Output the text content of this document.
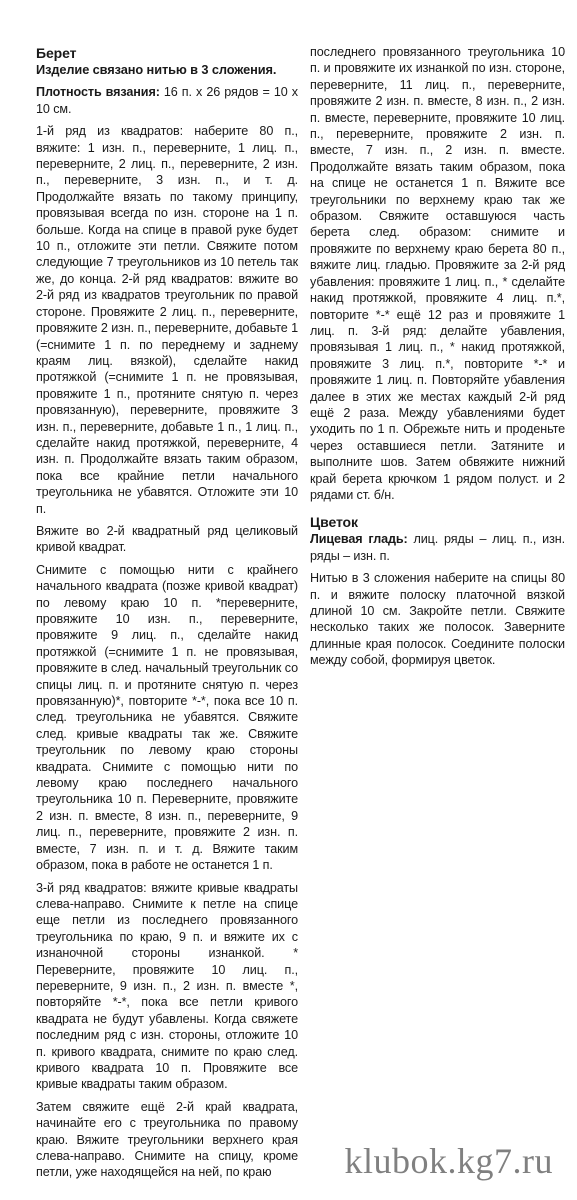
Берет
Изделие связано нитью в 3 сложения.

Плотность вязания: 16 п. х 26 рядов = 10 х 10 см.

1-й ряд из квадратов: наберите 80 п., вяжите: 1 изн. п., переверните, 1 лиц. п., переверните, 2 лиц. п., переверните, 2 изн. п., переверните, 3 изн. п., и т. д. Продолжайте вязать по такому принципу, провязывая всегда по изн. стороне на 1 п. больше. Когда на спице в правой руке будет 10 п., отложите эти петли. Свяжите потом следующие 7 треугольников из 10 петель так же, до конца. 2-й ряд квадратов: вяжите во 2-й ряд из квадратов треугольник по правой стороне. Провяжите 2 лиц. п., переверните, провяжите 2 изн. п., переверните, добавьте 1 (=снимите 1 п. по переднему и заднему краям лиц. вязкой), сделайте накид протяжкой (=снимите 1 п. не провязывая, провяжите 1 п., протяните снятую п. через провязанную), переверните, провяжите 3 изн. п., переверните, добавьте 1 п., 1 лиц. п., сделайте накид протяжкой, переверните, 4 изн. п. Продолжайте вязать таким образом, пока все крайние петли начального треугольника не убавятся. Отложите эти 10 п.

Вяжите во 2-й квадратный ряд целиковый кривой квадрат.

Снимите с помощью нити с крайнего начального квадрата (позже кривой квадрат) по левому краю 10 п. *переверните, провяжите 10 изн. п., переверните, провяжите 9 лиц. п., сделайте накид протяжкой (=снимите 1 п. не провязывая, провяжите в след. начальный треугольник со спицы лиц. п. и протяните снятую п. через провязанную)*, повторите *-*, пока все 10 п. след. треугольника не убавятся. Свяжите след. кривые квадраты так же. Свяжите треугольник по левому краю стороны квадрата. Снимите с помощью нити по левому краю последнего начального треугольника 10 п. Переверните, провяжите 2 изн. п. вместе, 8 изн. п., переверните, 9 лиц. п., переверните, провяжите 2 изн. п. вместе, 7 изн. п. и т. д. Вяжите таким образом, пока в работе не останется 1 п.

3-й ряд квадратов: вяжите кривые квадраты слева-направо. Снимите к петле на спице еще петли из последнего провязанного треугольника по краю, 9 п. и вяжите их с изнаночной стороны изнанкой. * Переверните, провяжите 10 лиц. п., переверните, 9 изн. п., 2 изн. п. вместе *, повторяйте *-*, пока все петли кривого квадрата не будут убавлены. Когда свяжете последним ряд с изн. стороны, отложите 10 п. кривого квадрата, снимите по краю след. кривого квадрата 10 п. Провяжите все кривые квадраты таким образом.

Затем свяжите ещё 2-й край квадрата, начинайте его с треугольника по правому краю. Вяжите треугольники верхнего края слева-направо. Снимите на спицу, кроме петли, уже находящейся на ней, по краю

последнего провязанного треугольника 10 п. и провяжите их изнанкой по изн. стороне, переверните, 11 лиц. п., переверните, провяжите 2 изн. п. вместе, 8 изн. п., 2 изн. п. вместе, переверните, провяжите 10 лиц. п., переверните, провяжите 2 изн. п. вместе, 7 изн. п., 2 изн. п. вместе. Продолжайте вязать таким образом, пока на спице не останется 1 п. Вяжите все треугольники по верхнему краю так же образом. Свяжите оставшуюся часть берета след. образом: снимите и провяжите по верхнему краю берета 80 п., вяжите лиц. гладью. Провяжите за 2-й ряд убавления: провяжите 1 лиц. п., * сделайте накид протяжкой, провяжите 4 лиц. п.*, повторите *-* ещё 12 раз и провяжите 1 лиц. п. 3-й ряд: делайте убавления, провязывая 1 лиц. п., * накид протяжкой, провяжите 3 лиц. п.*, повторите *-* и провяжите 1 лиц. п. Повторяйте убавления далее в этих же местах каждый 2-й ряд ещё 2 раза. Между убавлениями будет уходить по 1 п. Обрежьте нить и проденьте через оставшиеся петли. Затяните и выполните шов. Затем обвяжите нижний край берета крючком 1 рядом полуст. и 2 рядами ст. б/н.

Цветок

Лицевая гладь: лиц. ряды – лиц. п., изн. ряды – изн. п.

Нитью в 3 сложения наберите на спицы 80 п. и вяжите полоску платочной вязкой длиной 10 см. Закройте петли. Свяжите несколько таких же полосок. Заверните длинные края полосок. Соедините полоски между собой, формируя цветок.

klubok.kg7.ru
